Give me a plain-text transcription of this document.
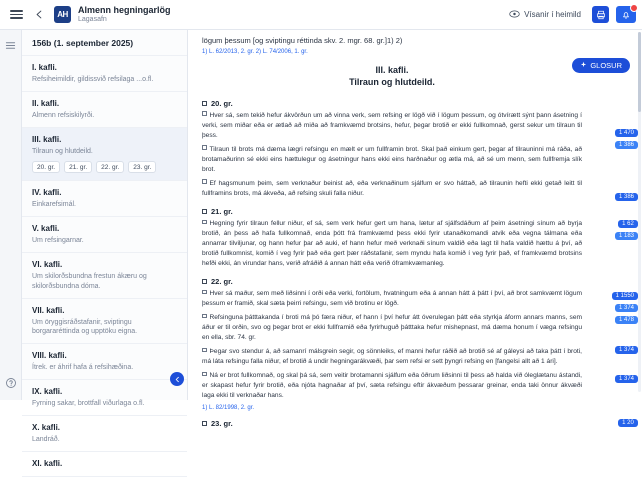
AH	Almenn hegningarlög
Lagasafn
Vísanir í heimild
156b (1. september 2025)
I. kafli.
Refsiheimildir, gildissvið refsilaga ...o.fl.
II. kafli.
Almenn refsiskilyrði.
III. kafli.
Tilraun og hlutdeild.
20. gr.	21. gr.	22. gr.	23. gr.
IV. kafli.
Einkarefsimál.
V. kafli.
Um refsingarnar.
VI. kafli.
Um skilorðsbundna frestun ákæru og skilorðsbundna dóma.
VII. kafli.
Um öryggisráðstafanir, sviptingu borgararéttinda og upptöku eigna.
VIII. kafli.
Ítrek. er áhrif hafa á refsihæðina.
IX. kafli.
Fyrning sakar, brottfall viðurlaga o.fl.
X. kafli.
Landráð.
XI. kafli.
GLOSUR
lögum þessum [og sviptingu réttinda skv. 2. mgr. 68. gr.]1) 2)
1) L. 62/2013, 2. gr. 2) L. 74/2006, 1. gr.
III. kafli.
Tilraun og hlutdeild.
20. gr.
Hver sá, sem tekið hefur ákvörðun um að vinna verk, sem refsing er lögð við í lögum þessum, og ótvírætt sýnt þann ásetning í verki, sem miðar eða er ætlað að miða að framkvæmd brotsins, hefur, þegar brotið er ekki fullkomnað, gerst sekur um tilraun til þess.
Tilraun til brots má dæma lægri refsingu en mælt er um fullframin brot. Skal það einkum gert, þegar af tilrauninni má ráða, að brotamaðurinn sé ekki eins hættulegur og ásetningur hans ekki eins harðnaður og ætla má, að sé um menn, sem fullfremja slík brot.
Ef hagsmunum þeim, sem verknaður beinist að, eða verknaðinum sjálfum er svo háttað, að tilraunin hefti ekki getað leitt til fullframins brots, má ákveða, að refsing skuli falla niður.
21. gr.
Hegning fyrir tilraun fellur niður, ef sá, sem verk hefur gert um hana, lætur af sjálfsdáðum af þeim ásetningi sínum að byrja brotið, án þess að hafa fullkomnað, enda þótt frá framkvæmd þess ekki fyrir utanaðkomandi atvik eða vegna tálmana eða annarrar tilviljunar, og hann hefur þar að auki, ef hann hefur með verknaði sínum valdið eða lagt til hafa valdið hættu á því, að brotið fullkomnist, komið í veg fyrir það eða gert þær ráðstafanir, sem myndu hafa komið í veg fyrir það, ef framkvæmd brotsins hefði ekki, án virundar hans, verið afráðið á annan hátt eða verið óframkvæmanleg.
22. gr.
Hver sá maður, sem með liðsinni í orði eða verki, fortölum, hvatningum eða á annan hátt á þátt í því, að brot samkvæmt lögum þessum er framið, skal sæta þeirri refsingu, sem við brotinu er lögð.
Refsinguna þátttakanda í broti má þó færa niður, ef hann í því hefur átt óverulegan þátt eða styrkja áform annars manns, sem áður er til orðin, svo og þegar brot er ekki fullframið eða fyrirhuguð þátttaka hefur mishepnast, má dæma honum í væga refsingu en ella, sbr. 74. gr.
Þegar svo stendur á, að samanrí málsgrein segir, og sönnleiks, ef manni hefur ráðið að brotið sé af gáleysi að taka þátt í broti, má láta refsingu falla niður, ef brotið á undir hegningarákvæði, þar sem refsi er sett þyngri refsing en [fangelsi allt að 1 ári].
Ná er brot fullkomnað, og skal þá sá, sem veitir brotamanni sjálfum eða öðrum liðsinni til þess að halda við óleglætanu ástandi, er skapast hefur fyrir brotið, eða njóta hagnaðar af því, sæta refsingu eftir ákvæðum þessarar greinar, enda taki önnur ákvæði laga ekki til verknaðar hans.
1) L. 82/1998, 2. gr.
23. gr.
1 470
1 386
1 386
1 62
1 183
1 1550
1 374
1 478
1 374
1 374
1 20
